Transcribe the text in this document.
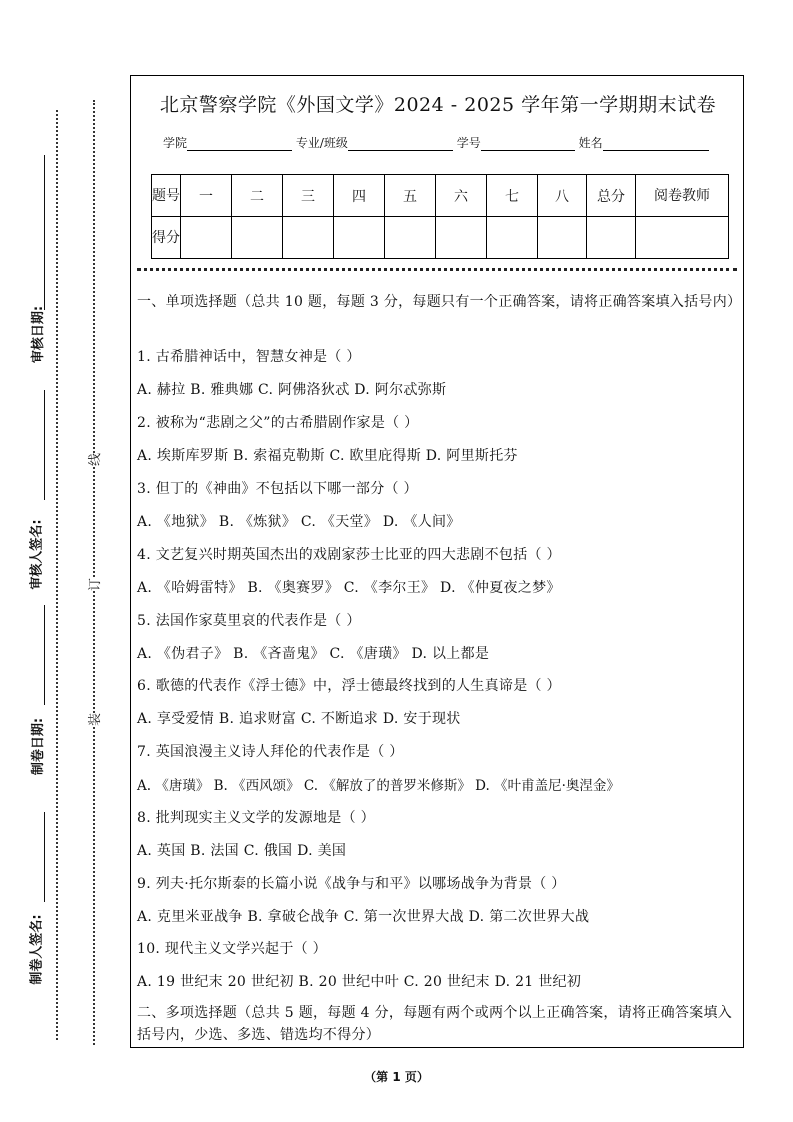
审核日期:
审核人签名:
制卷日期:
制卷人签名:
线
订
装
北京警察学院《外国文学》2024 - 2025 学年第一学期期末试卷
学院	专业/班级	学号	姓名
题号	一	二	三	四	五	六	七	八	总分	阅卷教师
得分										
一、单项选择题（总共 10 题，每题 3 分，每题只有一个正确答案，请将正确答案填入括号内）
1. 古希腊神话中，智慧女神是（ ）
A. 赫拉 B. 雅典娜 C. 阿佛洛狄忒 D. 阿尔忒弥斯
2. 被称为“悲剧之父”的古希腊剧作家是（ ）
A. 埃斯库罗斯 B. 索福克勒斯 C. 欧里庇得斯 D. 阿里斯托芬
3. 但丁的《神曲》不包括以下哪一部分（ ）
A. 《地狱》 B. 《炼狱》 C. 《天堂》 D. 《人间》
4. 文艺复兴时期英国杰出的戏剧家莎士比亚的四大悲剧不包括（ ）
A. 《哈姆雷特》 B. 《奥赛罗》 C. 《李尔王》 D. 《仲夏夜之梦》
5. 法国作家莫里哀的代表作是（ ）
A. 《伪君子》 B. 《吝啬鬼》 C. 《唐璜》 D. 以上都是
6. 歌德的代表作《浮士德》中，浮士德最终找到的人生真谛是（ ）
A. 享受爱情 B. 追求财富 C. 不断追求 D. 安于现状
7. 英国浪漫主义诗人拜伦的代表作是（ ）
A. 《唐璜》 B. 《西风颂》 C. 《解放了的普罗米修斯》 D. 《叶甫盖尼·奥涅金》
8. 批判现实主义文学的发源地是（ ）
A. 英国 B. 法国 C. 俄国 D. 美国
9. 列夫·托尔斯泰的长篇小说《战争与和平》以哪场战争为背景（ ）
A. 克里米亚战争 B. 拿破仑战争 C. 第一次世界大战 D. 第二次世界大战
10. 现代主义文学兴起于（ ）
A. 19 世纪末 20 世纪初 B. 20 世纪中叶 C. 20 世纪末 D. 21 世纪初
二、多项选择题（总共 5 题，每题 4 分，每题有两个或两个以上正确答案，请将正确答案填入括号内，少选、多选、错选均不得分）
（第 1 页）
